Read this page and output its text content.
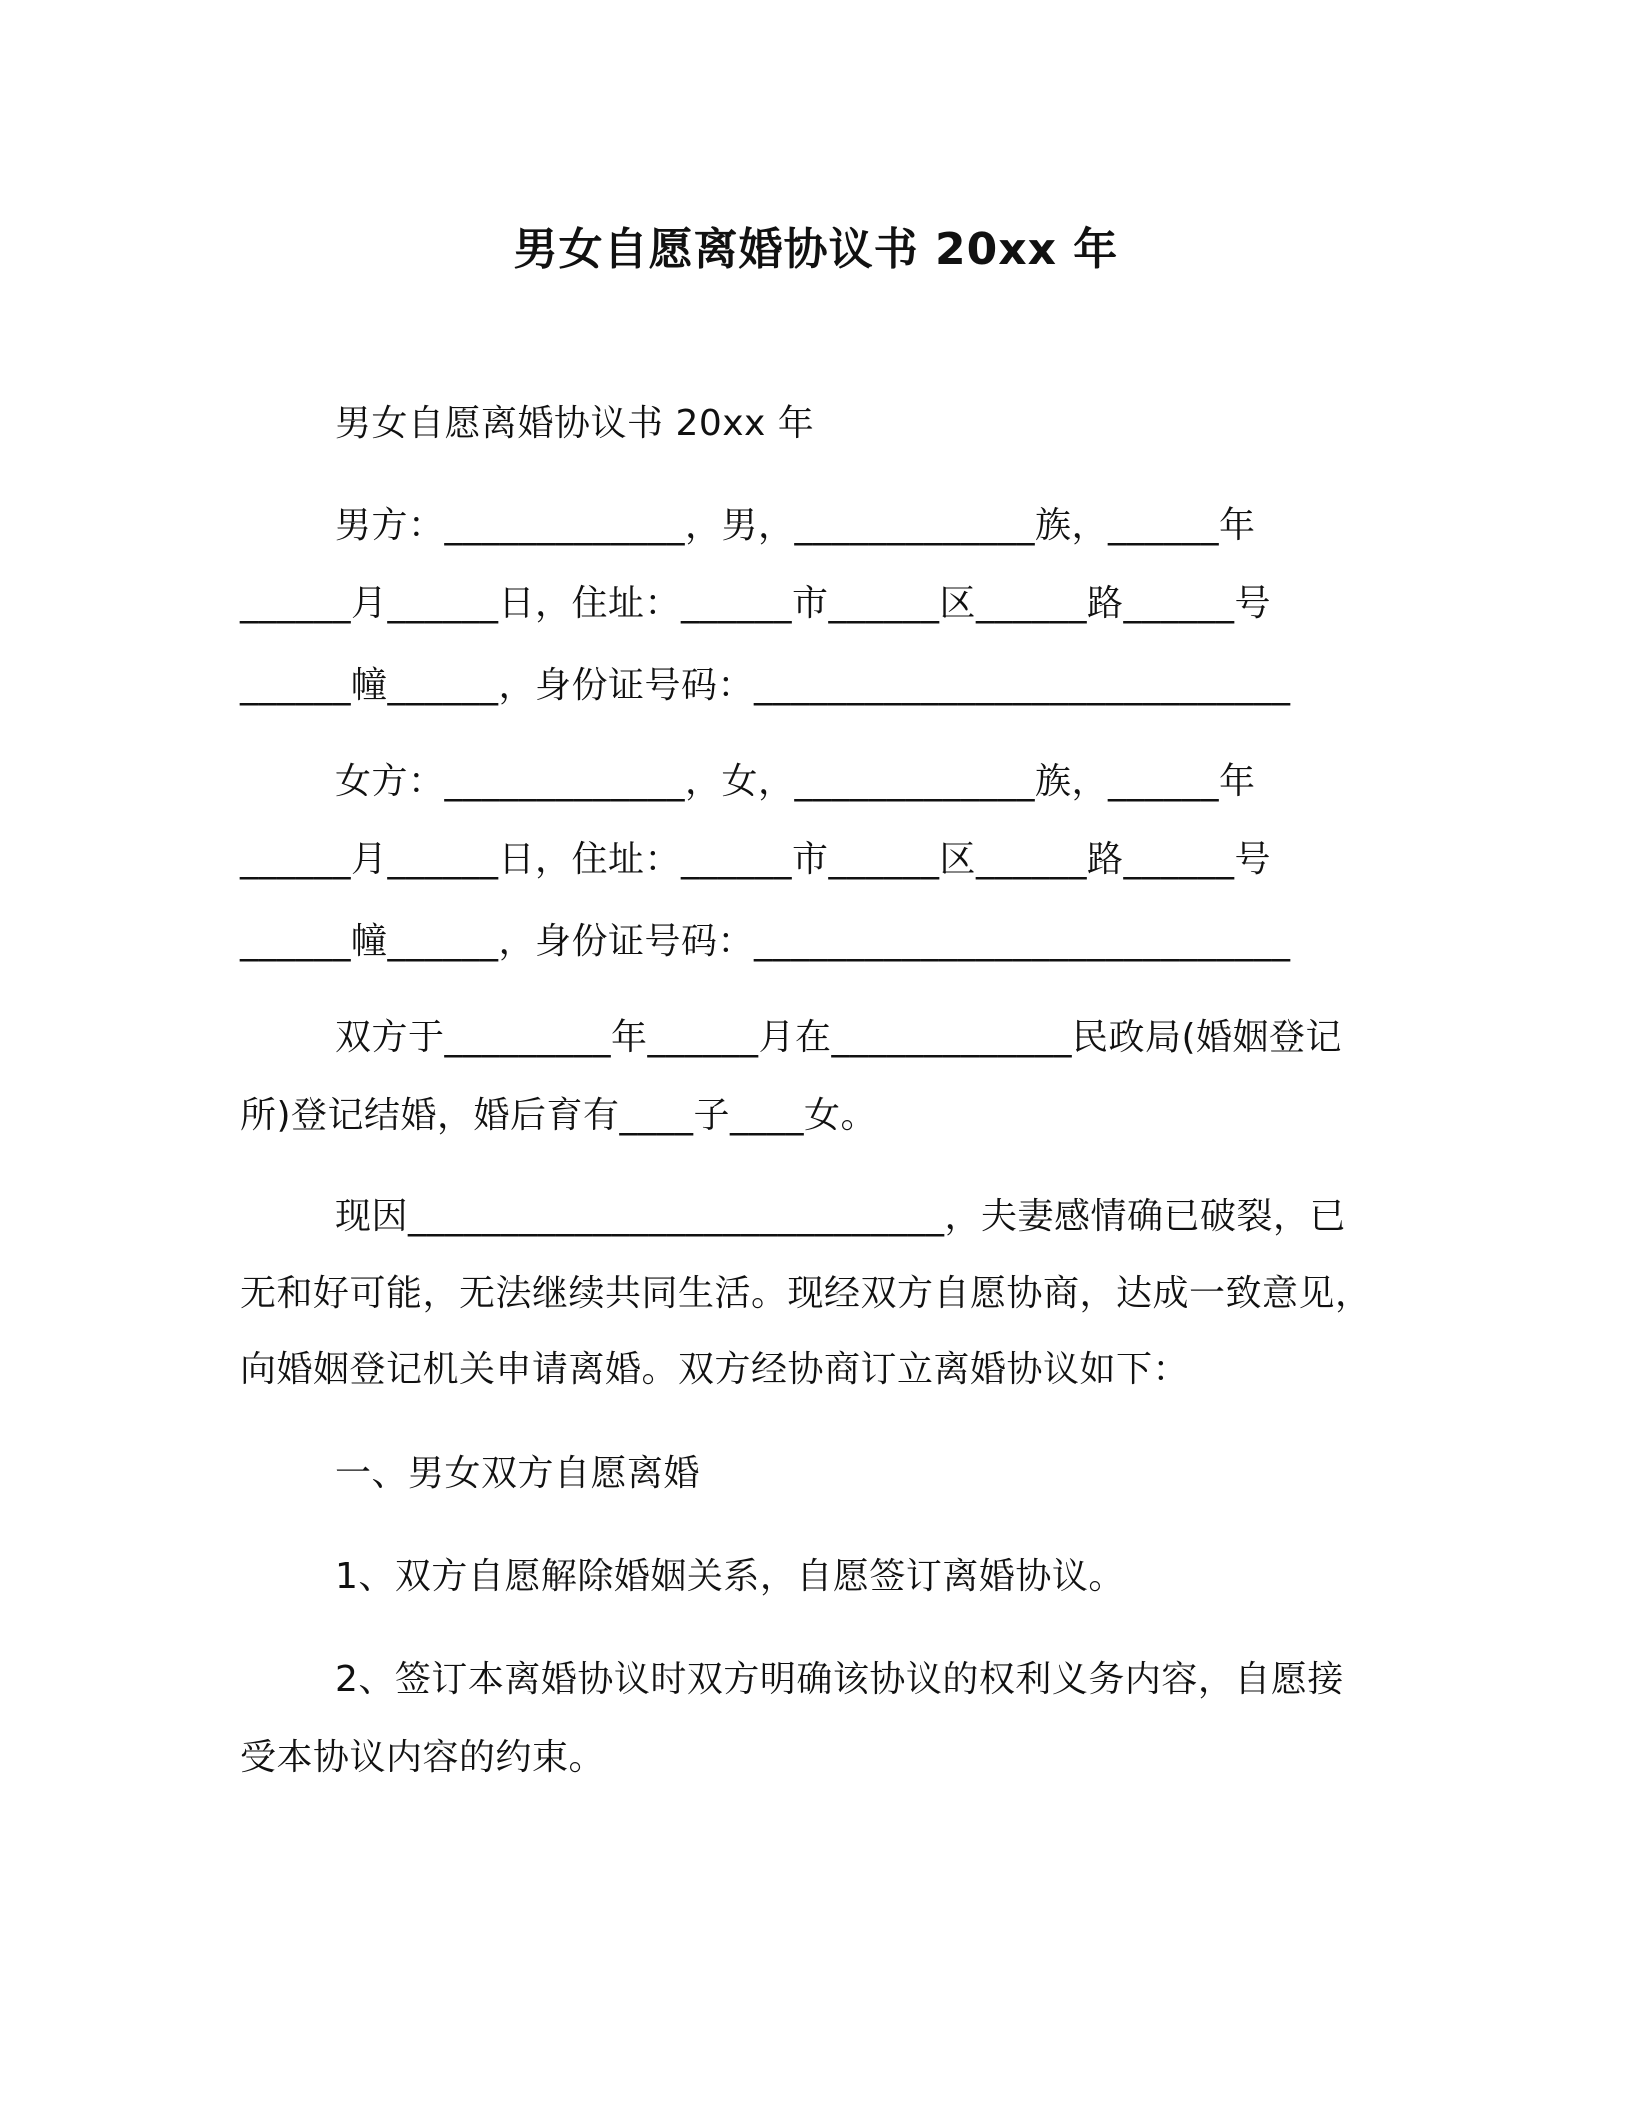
男女自愿离婚协议书 20xx 年
男女自愿离婚协议书 20xx 年
男方：_____________，男，_____________族，______年
______月______日，住址：______市______区______路______号
______幢______，身份证号码：_____________________________
女方：_____________，女，_____________族，______年
______月______日，住址：______市______区______路______号
______幢______，身份证号码：_____________________________
双方于_________年______月在_____________民政局(婚姻登记
所)登记结婚，婚后育有____子____女。
现因_____________________________，夫妻感情确已破裂，已
无和好可能，无法继续共同生活。现经双方自愿协商，达成一致意见，
向婚姻登记机关申请离婚。双方经协商订立离婚协议如下：
一、男女双方自愿离婚
1、双方自愿解除婚姻关系，自愿签订离婚协议。
2、签订本离婚协议时双方明确该协议的权利义务内容，自愿接
受本协议内容的约束。
